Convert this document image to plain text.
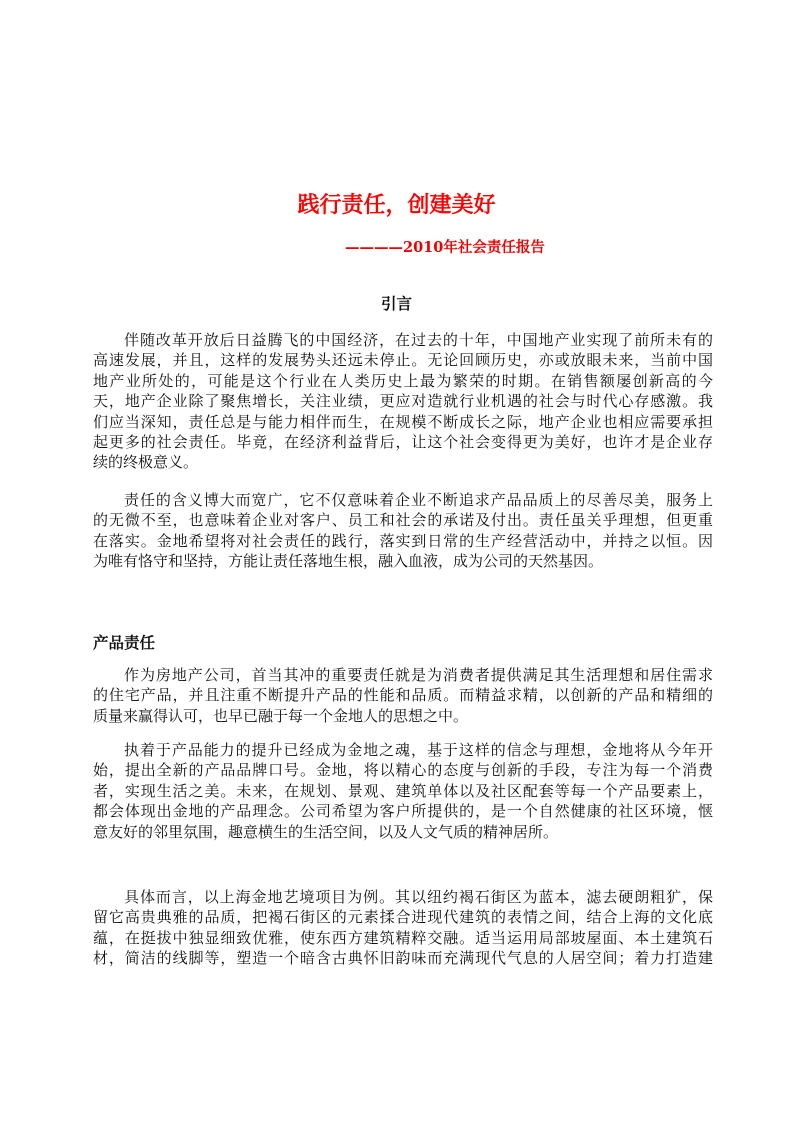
践行责任，创建美好
————2010年社会责任报告
引言
伴随改革开放后日益腾飞的中国经济，在过去的十年，中国地产业实现了前所未有的
高速发展，并且，这样的发展势头还远未停止。无论回顾历史，亦或放眼未来，当前中国
地产业所处的，可能是这个行业在人类历史上最为繁荣的时期。在销售额屡创新高的今
天，地产企业除了聚焦增长，关注业绩，更应对造就行业机遇的社会与时代心存感激。我
们应当深知，责任总是与能力相伴而生，在规模不断成长之际，地产企业也相应需要承担
起更多的社会责任。毕竟，在经济利益背后，让这个社会变得更为美好，也许才是企业存
续的终极意义。
责任的含义博大而宽广，它不仅意味着企业不断追求产品品质上的尽善尽美，服务上
的无微不至，也意味着企业对客户、员工和社会的承诺及付出。责任虽关乎理想，但更重
在落实。金地希望将对社会责任的践行，落实到日常的生产经营活动中，并持之以恒。因
为唯有恪守和坚持，方能让责任落地生根，融入血液，成为公司的天然基因。
产品责任
作为房地产公司，首当其冲的重要责任就是为消费者提供满足其生活理想和居住需求
的住宅产品，并且注重不断提升产品的性能和品质。而精益求精，以创新的产品和精细的
质量来赢得认可，也早已融于每一个金地人的思想之中。
执着于产品能力的提升已经成为金地之魂，基于这样的信念与理想，金地将从今年开
始，提出全新的产品品牌口号。金地，将以精心的态度与创新的手段，专注为每一个消费
者，实现生活之美。未来，在规划、景观、建筑单体以及社区配套等每一个产品要素上，
都会体现出金地的产品理念。公司希望为客户所提供的，是一个自然健康的社区环境，惬
意友好的邻里氛围，趣意横生的生活空间，以及人文气质的精神居所。
具体而言，以上海金地艺境项目为例。其以纽约褐石街区为蓝本，滤去硬朗粗犷，保
留它高贵典雅的品质，把褐石街区的元素揉合进现代建筑的表情之间，结合上海的文化底
蕴，在挺拔中独显细致优雅，使东西方建筑精粹交融。适当运用局部坡屋面、本土建筑石
材，简洁的线脚等，塑造一个暗含古典怀旧韵味而充满现代气息的人居空间；着力打造建
